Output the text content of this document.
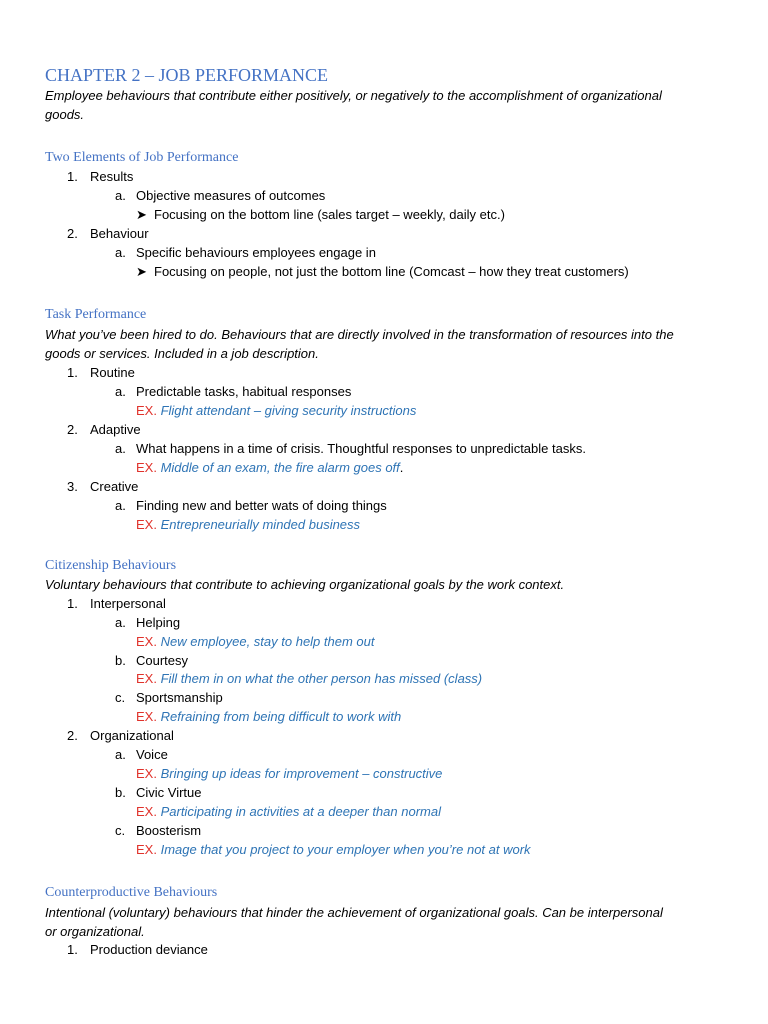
CHAPTER 2 – JOB PERFORMANCE
Employee behaviours that contribute either positively, or negatively to the accomplishment of organizational
goods.
Two Elements of Job Performance
1. Results
a. Objective measures of outcomes
➤ Focusing on the bottom line (sales target – weekly, daily etc.)
2. Behaviour
a. Specific behaviours employees engage in
➤ Focusing on people, not just the bottom line (Comcast – how they treat customers)
Task Performance
What you’ve been hired to do. Behaviours that are directly involved in the transformation of resources into the
goods or services. Included in a job description.
1. Routine
a. Predictable tasks, habitual responses
EX. Flight attendant – giving security instructions
2. Adaptive
a. What happens in a time of crisis. Thoughtful responses to unpredictable tasks.
EX. Middle of an exam, the fire alarm goes off.
3. Creative
a. Finding new and better wats of doing things
EX. Entrepreneurially minded business
Citizenship Behaviours
Voluntary behaviours that contribute to achieving organizational goals by the work context.
1. Interpersonal
a. Helping
EX. New employee, stay to help them out
b. Courtesy
EX. Fill them in on what the other person has missed (class)
c. Sportsmanship
EX. Refraining from being difficult to work with
2. Organizational
a. Voice
EX. Bringing up ideas for improvement – constructive
b. Civic Virtue
EX. Participating in activities at a deeper than normal
c. Boosterism
EX. Image that you project to your employer when you’re not at work
Counterproductive Behaviours
Intentional (voluntary) behaviours that hinder the achievement of organizational goals. Can be interpersonal
or organizational.
1. Production deviance
